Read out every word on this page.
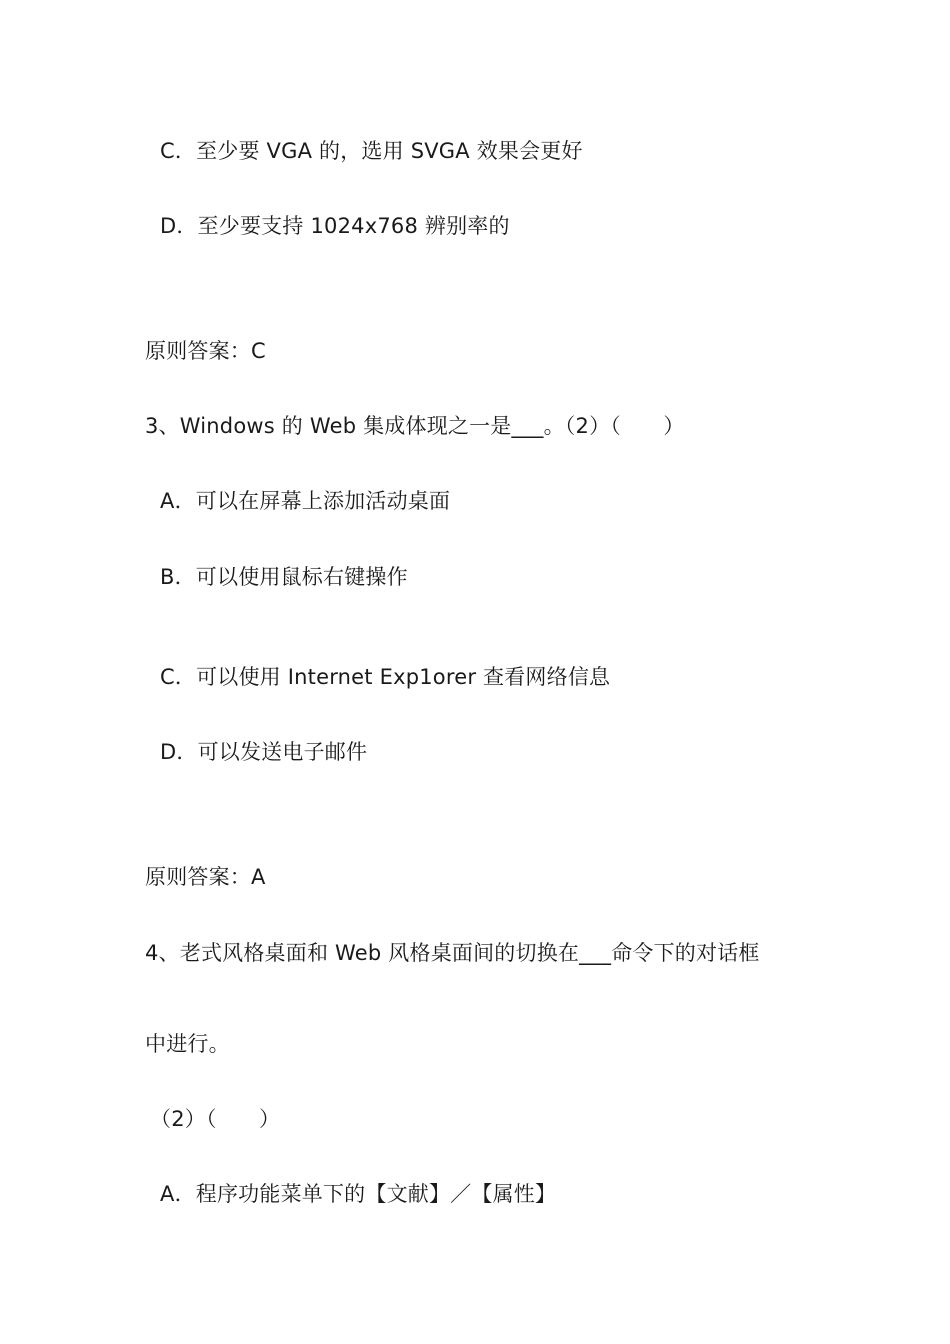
C．至少要 VGA 的，选用 SVGA 效果会更好
D．至少要支持 1024x768 辨别率的
原则答案：C
3、Windows 的 Web 集成体现之一是___。（2）（　　）
A．可以在屏幕上添加活动桌面
B．可以使用鼠标右键操作
C．可以使用 Internet Exp1orer 查看网络信息
D．可以发送电子邮件
原则答案：A
4、老式风格桌面和 Web 风格桌面间的切换在___命令下的对话框
中进行。
（2）（　　）
A．程序功能菜单下的【文献】／【属性】
